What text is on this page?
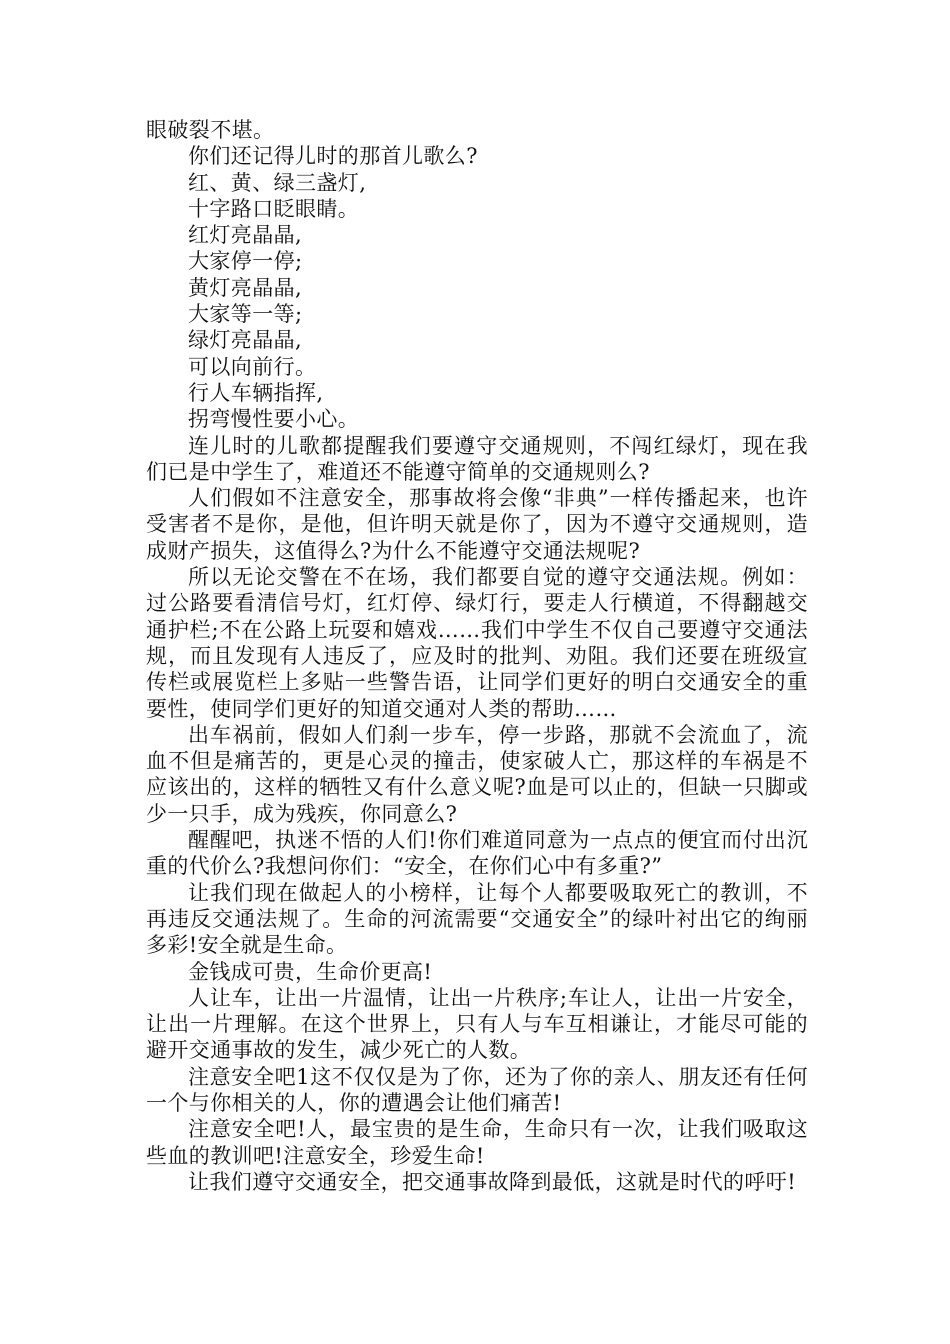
眼破裂不堪。

你们还记得儿时的那首儿歌么?

红、黄、绿三盏灯,

十字路口眨眼睛。

红灯亮晶晶,

大家停一停;

黄灯亮晶晶,

大家等一等;

绿灯亮晶晶,

可以向前行。

行人车辆指挥,

拐弯慢性要小心。

连儿时的儿歌都提醒我们要遵守交通规则，不闯红绿灯，现在我们已是中学生了，难道还不能遵守简单的交通规则么?

人们假如不注意安全，那事故将会像“非典”一样传播起来，也许受害者不是你，是他，但许明天就是你了，因为不遵守交通规则，造成财产损失，这值得么?为什么不能遵守交通法规呢?

所以无论交警在不在场，我们都要自觉的遵守交通法规。例如：过公路要看清信号灯，红灯停、绿灯行，要走人行横道，不得翻越交通护栏;不在公路上玩耍和嬉戏……我们中学生不仅自己要遵守交通法规，而且发现有人违反了，应及时的批判、劝阻。我们还要在班级宣传栏或展览栏上多贴一些警告语，让同学们更好的明白交通安全的重要性，使同学们更好的知道交通对人类的帮助……

出车祸前，假如人们刹一步车，停一步路，那就不会流血了，流血不但是痛苦的，更是心灵的撞击，使家破人亡，那这样的车祸是不应该出的，这样的牺牲又有什么意义呢?血是可以止的，但缺一只脚或少一只手，成为残疾，你同意么?

醒醒吧，执迷不悟的人们!你们难道同意为一点点的便宜而付出沉重的代价么?我想问你们：“安全，在你们心中有多重?”

让我们现在做起人的小榜样，让每个人都要吸取死亡的教训，不再违反交通法规了。生命的河流需要“交通安全”的绿叶衬出它的绚丽多彩!安全就是生命。

金钱成可贵，生命价更高!

人让车，让出一片温情，让出一片秩序;车让人，让出一片安全，让出一片理解。在这个世界上，只有人与车互相谦让，才能尽可能的避开交通事故的发生，减少死亡的人数。

注意安全吧1这不仅仅是为了你，还为了你的亲人、朋友还有任何一个与你相关的人，你的遭遇会让他们痛苦!

注意安全吧!人，最宝贵的是生命，生命只有一次，让我们吸取这些血的教训吧!注意安全，珍爱生命!

让我们遵守交通安全，把交通事故降到最低，这就是时代的呼吁!
